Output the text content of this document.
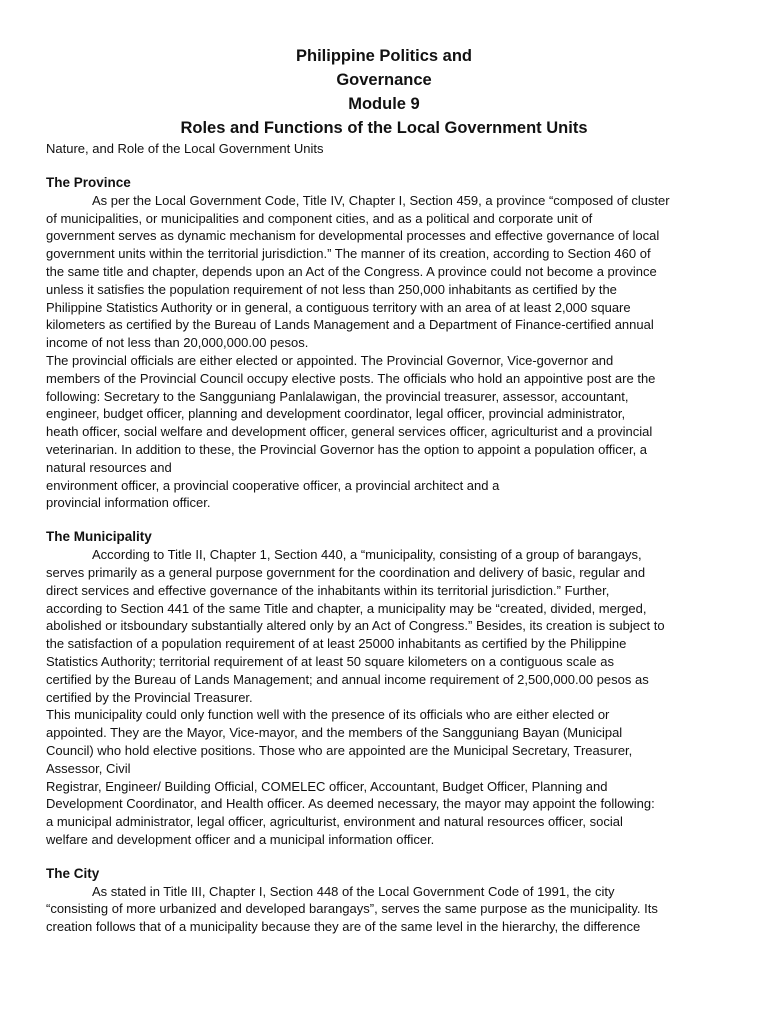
Philippine Politics and
Governance
Module 9
Roles and Functions of the Local Government Units

Nature, and Role of the Local Government Units

The Province

As per the Local Government Code, Title IV, Chapter I, Section 459, a province “composed of cluster
of municipalities, or municipalities and component cities, and as a political and corporate unit of
government serves as dynamic mechanism for developmental processes and effective governance of local
government units within the territorial jurisdiction.” The manner of its creation, according to Section 460 of
the same title and chapter, depends upon an Act of the Congress. A province could not become a province
unless it satisfies the population requirement of not less than 250,000 inhabitants as certified by the
Philippine Statistics Authority or in general, a contiguous territory with an area of at least 2,000 square
kilometers as certified by the Bureau of Lands Management and a Department of Finance-certified annual
income of not less than 20,000,000.00 pesos.

The provincial officials are either elected or appointed. The Provincial Governor, Vice-governor and
members of the Provincial Council occupy elective posts. The officials who hold an appointive post are the
following: Secretary to the Sangguniang Panlalawigan, the provincial treasurer, assessor, accountant,
engineer, budget officer, planning and development coordinator, legal officer, provincial administrator,
heath officer, social welfare and development officer, general services officer, agriculturist and a provincial
veterinarian. In addition to these, the Provincial Governor has the option to appoint a population officer, a
natural resources and
environment officer, a provincial cooperative officer, a provincial architect and a
provincial information officer.

The Municipality

According to Title II, Chapter 1, Section 440, a “municipality, consisting of a group of barangays,
serves primarily as a general purpose government for the coordination and delivery of basic, regular and
direct services and effective governance of the inhabitants within its territorial jurisdiction.” Further,
according to Section 441 of the same Title and chapter, a municipality may be “created, divided, merged,
abolished or itsboundary substantially altered only by an Act of Congress.” Besides, its creation is subject to
the satisfaction of a population requirement of at least 25000 inhabitants as certified by the Philippine
Statistics Authority; territorial requirement of at least 50 square kilometers on a contiguous scale as
certified by the Bureau of Lands Management; and annual income requirement of 2,500,000.00 pesos as
certified by the Provincial Treasurer.

This municipality could only function well with the presence of its officials who are either elected or
appointed. They are the Mayor, Vice-mayor, and the members of the Sangguniang Bayan (Municipal
Council) who hold elective positions. Those who are appointed are the Municipal Secretary, Treasurer,
Assessor, Civil
Registrar, Engineer/ Building Official, COMELEC officer, Accountant, Budget Officer, Planning and
Development Coordinator, and Health officer. As deemed necessary, the mayor may appoint the following:
a municipal administrator, legal officer, agriculturist, environment and natural resources officer, social
welfare and development officer and a municipal information officer.

The City

As stated in Title III, Chapter I, Section 448 of the Local Government Code of 1991, the city
“consisting of more urbanized and developed barangays”, serves the same purpose as the municipality. Its
creation follows that of a municipality because they are of the same level in the hierarchy, the difference
